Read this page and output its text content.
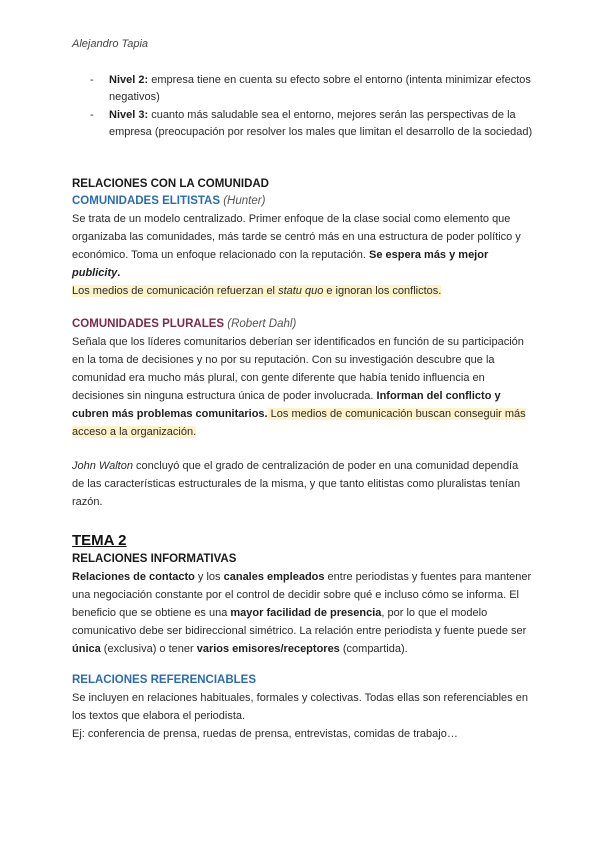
Alejandro Tapia
- Nivel 2: empresa tiene en cuenta su efecto sobre el entorno (intenta minimizar efectos negativos)
- Nivel 3: cuanto más saludable sea el entorno, mejores serán las perspectivas de la empresa (preocupación por resolver los males que limitan el desarrollo de la sociedad)

RELACIONES CON LA COMUNIDAD

COMUNIDADES ELITISTAS (Hunter)

Se trata de un modelo centralizado. Primer enfoque de la clase social como elemento que organizaba las comunidades, más tarde se centró más en una estructura de poder político y económico. Toma un enfoque relacionado con la reputación. Se espera más y mejor publicity.
Los medios de comunicación refuerzan el statu quo e ignoran los conflictos.

COMUNIDADES PLURALES (Robert Dahl)

Señala que los líderes comunitarios deberían ser identificados en función de su participación en la toma de decisiones y no por su reputación. Con su investigación descubre que la comunidad era mucho más plural, con gente diferente que había tenido influencia en decisiones sin ninguna estructura única de poder involucrada. Informan del conflicto y cubren más problemas comunitarios. Los medios de comunicación buscan conseguir más acceso a la organización.

John Walton concluyó que el grado de centralización de poder en una comunidad dependía de las características estructurales de la misma, y que tanto elitistas como pluralistas tenían razón.

TEMA 2

RELACIONES INFORMATIVAS

Relaciones de contacto y los canales empleados entre periodistas y fuentes para mantener una negociación constante por el control de decidir sobre qué e incluso cómo se informa. El beneficio que se obtiene es una mayor facilidad de presencia, por lo que el modelo comunicativo debe ser bidireccional simétrico. La relación entre periodista y fuente puede ser única (exclusiva) o tener varios emisores/receptores (compartida).

RELACIONES REFERENCIABLES

Se incluyen en relaciones habituales, formales y colectivas. Todas ellas son referenciables en los textos que elabora el periodista.
Ej: conferencia de prensa, ruedas de prensa, entrevistas, comidas de trabajo…
